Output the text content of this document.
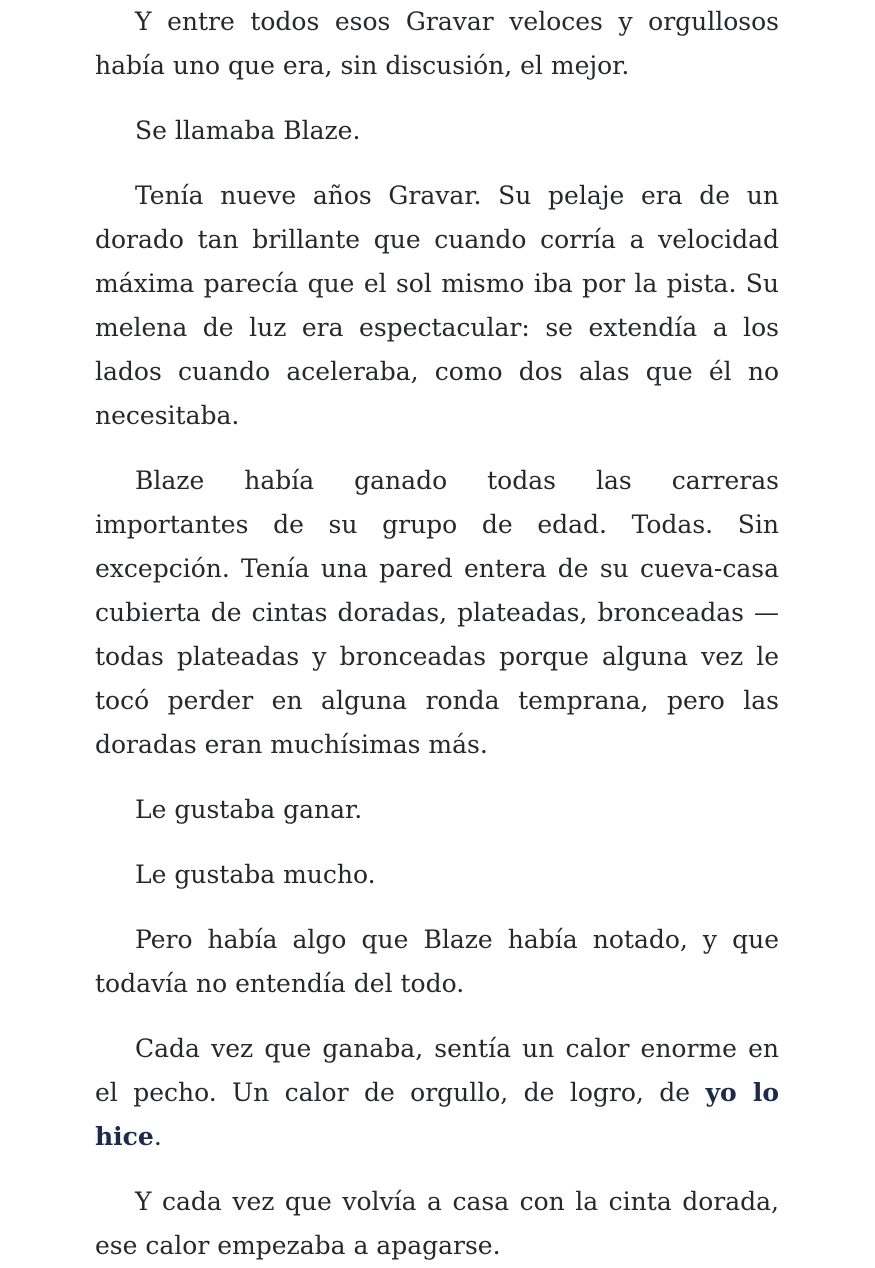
Y entre todos esos Gravar veloces y orgullosos había uno que era, sin discusión, el mejor.

Se llamaba Blaze.

Tenía nueve años Gravar. Su pelaje era de un dorado tan brillante que cuando corría a velocidad máxima parecía que el sol mismo iba por la pista. Su melena de luz era espectacular: se extendía a los lados cuando aceleraba, como dos alas que él no necesitaba.

Blaze había ganado todas las carreras importantes de su grupo de edad. Todas. Sin excepción. Tenía una pared entera de su cueva-casa cubierta de cintas doradas, plateadas, bronceadas — todas plateadas y bronceadas porque alguna vez le tocó perder en alguna ronda temprana, pero las doradas eran muchísimas más.

Le gustaba ganar.

Le gustaba mucho.

Pero había algo que Blaze había notado, y que todavía no entendía del todo.

Cada vez que ganaba, sentía un calor enorme en el pecho. Un calor de orgullo, de logro, de yo lo hice.

Y cada vez que volvía a casa con la cinta dorada, ese calor empezaba a apagarse.
